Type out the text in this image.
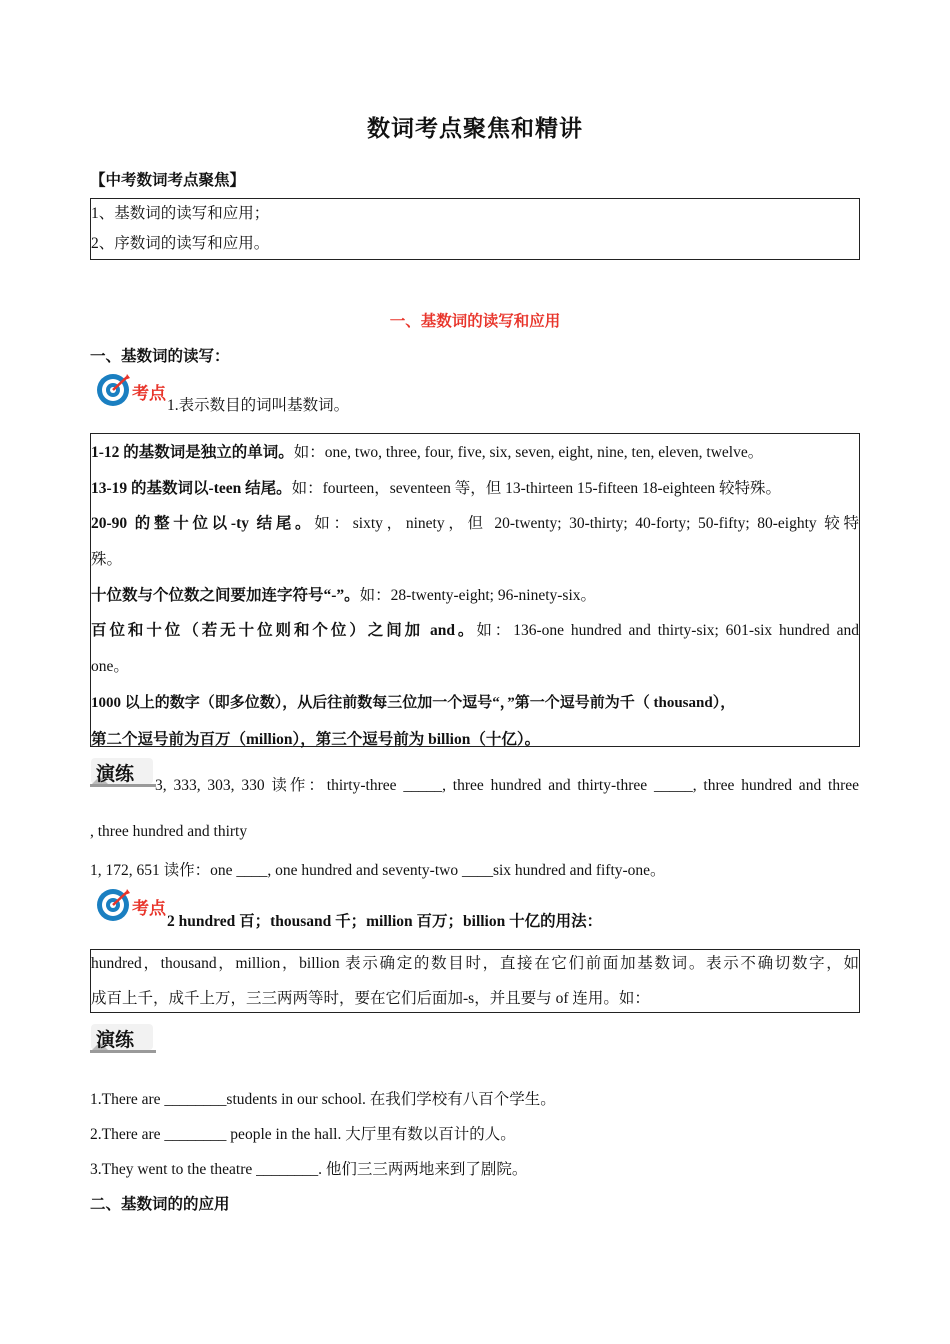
数词考点聚焦和精讲
【中考数词考点聚焦】
1、基数词的读写和应用；
2、序数词的读写和应用。
一、基数词的读写和应用
一、基数词的读写：
考点
1.表示数目的词叫基数词。
1-12 的基数词是独立的单词。如：one, two, three, four, five, six, seven, eight, nine, ten, eleven, twelve。
13-19 的基数词以-teen 结尾。如：fourteen，seventeen 等，但 13-thirteen 15-fifteen 18-eighteen 较特殊。
20-90 的整十位以-ty 结尾。如：sixty，ninety，但 20-twenty; 30-thirty; 40-forty; 50-fifty; 80-eighty 较特
殊。
十位数与个位数之间要加连字符号“-”。如：28-twenty-eight; 96-ninety-six。
百位和十位（若无十位则和个位）之间加 and。如：136-one hundred and thirty-six; 601-six hundred and
one。
1000 以上的数字（即多位数），从后往前数每三位加一个逗号“，”第一个逗号前为千（ thousand），
第二个逗号前为百万（million），第三个逗号前为 billion（十亿）。
演练
3, 333, 303, 330 读作：thirty-three _____, three hundred and thirty-three _____, three hundred and three
, three hundred and thirty
1, 172, 651 读作：one ____, one hundred and seventy-two ____six hundred and fifty-one。
考点
2 hundred 百；thousand 千；million 百万；billion 十亿的用法：
hundred，thousand，million，billion 表示确定的数目时，直接在它们前面加基数词。表示不确切数字，如
成百上千，成千上万，三三两两等时，要在它们后面加-s，并且要与 of 连用。如：
演练
1.There are ________students in our school. 在我们学校有八百个学生。
2.There are ________ people in the hall. 大厅里有数以百计的人。
3.They went to the theatre ________. 他们三三两两地来到了剧院。
二、基数词的的应用
